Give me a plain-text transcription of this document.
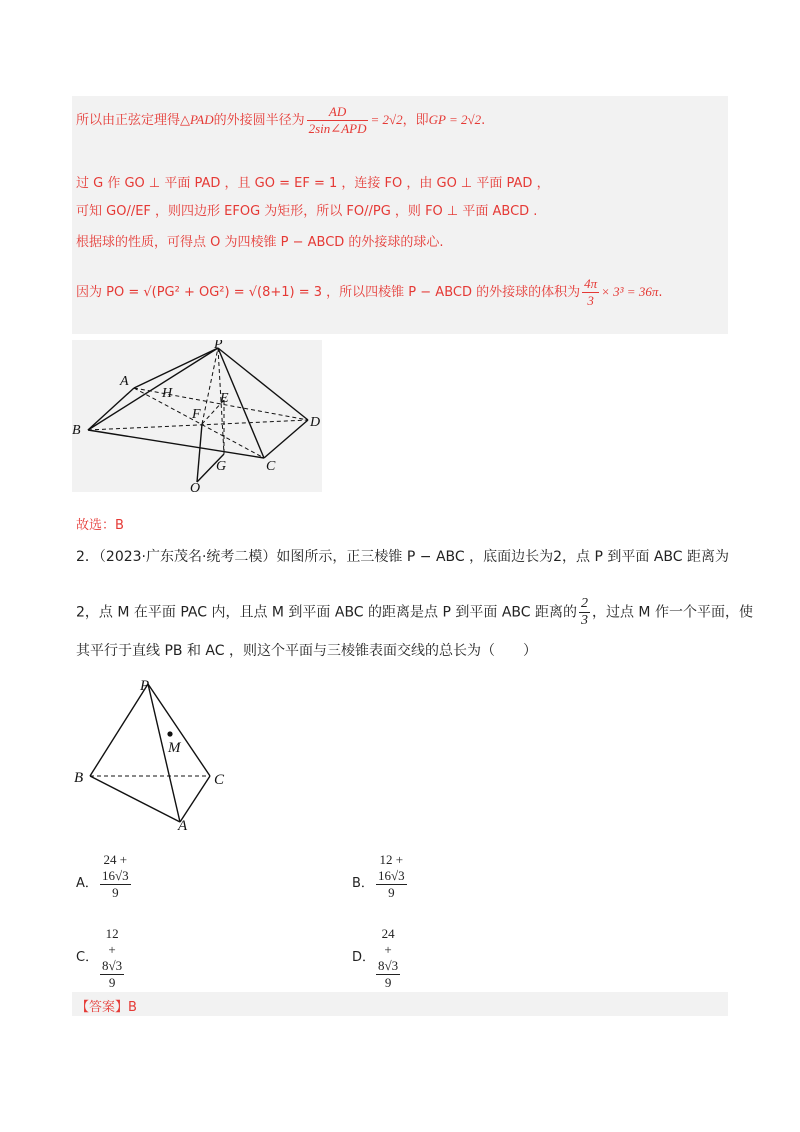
所以由正弦定理得△PAD的外接圆半径为 $\frac{AD}{\text{2sin∠APD}} = 2√2$，即GP = 2√2.
过 G 作 GO ⊥ 平面 PAD ，且 GO = EF = 1 ，连接 FO ，由 GO ⊥ 平面 PAD ，
可知 GO//EF ，则四边形 EFOG 为矩形，所以 FO//PG ，则 FO ⊥ 平面 ABCD .
根据球的性质，可得点 O 为四棱锥 P − ABCD 的外接球的球心.
因为 PO = √(PG² + OG²) = √(8+1) = 3 ，所以四棱锥 P − ABCD 的外接球的体积为 $\frac{4\pi}{3} \times 3^3 = 36\pi$.
P
A
H	E
F
B
D
G	C
O
故选：B
2．（2023·广东茂名·统考二模）如图所示，正三棱锥 P − ABC ，底面边长为2，点 P 到平面 ABC 距离为
2，点 M 在平面 PAC 内，且点 M 到平面 ABC 的距离是点 P 到平面 ABC 距离的 $\frac{2}{3}$ ，过点 M 作一个平面，使
其平行于直线 PB 和 AC ，则这个平面与三棱锥表面交线的总长为（　　）
P
M
B	C
A
A． $\frac{24 + 16√3}{9}$	B． $\frac{12 + 16√3}{9}$
C． $\frac{12 + 8√3}{9}$	D． $\frac{24 + 8√3}{9}$
【答案】B
